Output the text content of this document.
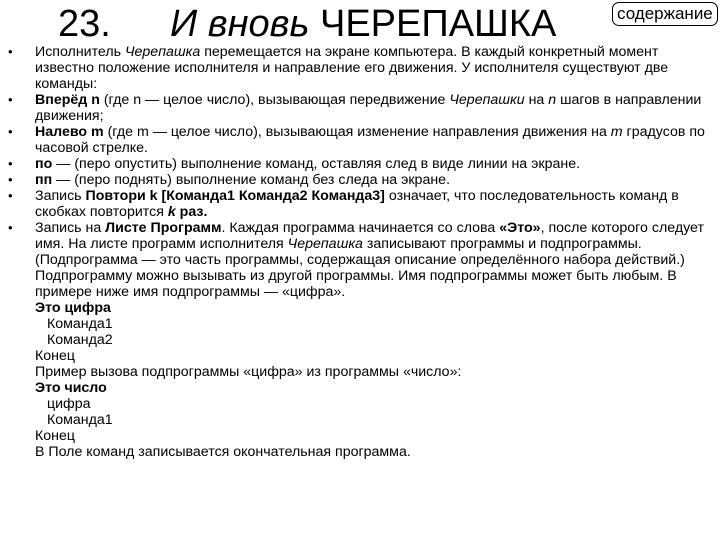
23. И вновь ЧЕРЕПАШКА	содержание
• Исполнитель Черепашка перемещается на экране компьютера. В каждый конкретный момент известно положение исполнителя и направление его движения. У исполнителя существуют две команды:
• Вперёд n (где n — целое число), вызывающая передвижение Черепашки на n шагов в направлении движения;
• Налево m (где m — целое число), вызывающая изменение направления движения на m градусов по часовой стрелке.
• по — (перо опустить) выполнение команд, оставляя след в виде линии на экране.
• пп — (перо поднять) выполнение команд без следа на экране.
• Запись Повтори k [Команда1 Команда2 Команда3] означает, что последовательность команд в скобках повторится k раз.
• Запись на Листе Программ. Каждая программа начинается со слова «Это», после которого следует имя. На листе программ исполнителя Черепашка записывают программы и подпрограммы. (Подпрограмма — это часть программы, содержащая описание определённого набора действий.) Подпрограмму можно вызывать из другой программы. Имя подпрограммы может быть любым. В примере ниже имя подпрограммы — «цифра».
Это цифра
Команда1
Команда2
Конец
Пример вызова подпрограммы «цифра» из программы «число»:
Это число
цифра
Команда1
Конец
В Поле команд записывается окончательная программа.
